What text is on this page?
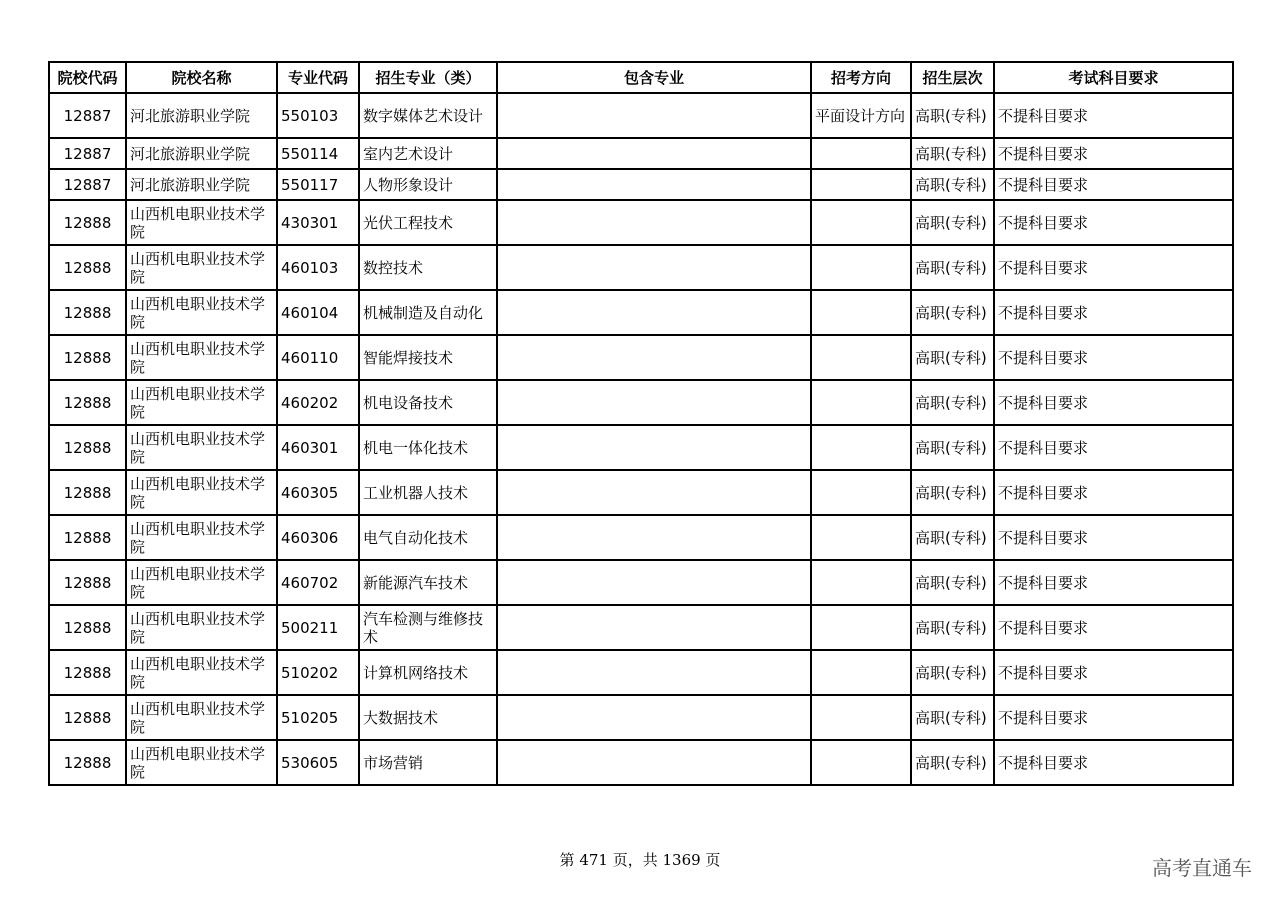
院校代码	院校名称	专业代码	招生专业（类）	包含专业	招考方向	招生层次	考试科目要求
12887	河北旅游职业学院	550103	数字媒体艺术设计		平面设计方向	高职(专科)	不提科目要求
12887	河北旅游职业学院	550114	室内艺术设计			高职(专科)	不提科目要求
12887	河北旅游职业学院	550117	人物形象设计			高职(专科)	不提科目要求
12888	山西机电职业技术学院	430301	光伏工程技术			高职(专科)	不提科目要求
12888	山西机电职业技术学院	460103	数控技术			高职(专科)	不提科目要求
12888	山西机电职业技术学院	460104	机械制造及自动化			高职(专科)	不提科目要求
12888	山西机电职业技术学院	460110	智能焊接技术			高职(专科)	不提科目要求
12888	山西机电职业技术学院	460202	机电设备技术			高职(专科)	不提科目要求
12888	山西机电职业技术学院	460301	机电一体化技术			高职(专科)	不提科目要求
12888	山西机电职业技术学院	460305	工业机器人技术			高职(专科)	不提科目要求
12888	山西机电职业技术学院	460306	电气自动化技术			高职(专科)	不提科目要求
12888	山西机电职业技术学院	460702	新能源汽车技术			高职(专科)	不提科目要求
12888	山西机电职业技术学院	500211	汽车检测与维修技术			高职(专科)	不提科目要求
12888	山西机电职业技术学院	510202	计算机网络技术			高职(专科)	不提科目要求
12888	山西机电职业技术学院	510205	大数据技术			高职(专科)	不提科目要求
12888	山西机电职业技术学院	530605	市场营销			高职(专科)	不提科目要求
第 471 页，共 1369 页	高考直通车
